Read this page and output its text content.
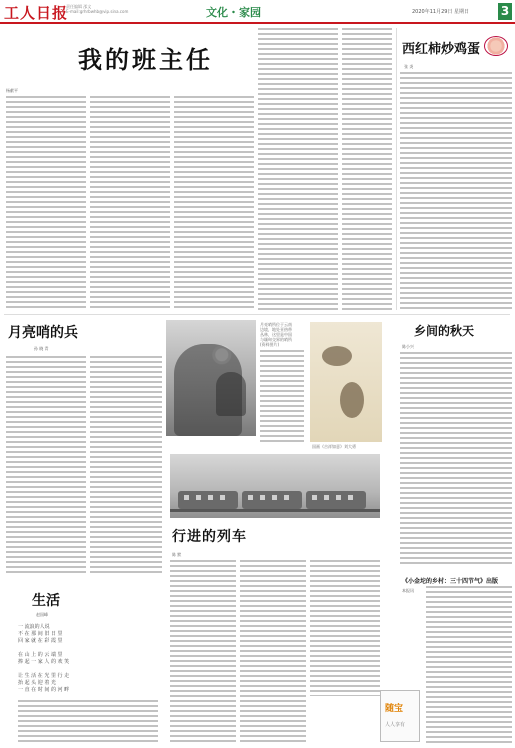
工人日报
责任编辑 邵文
E-mail:grhrbwhb@vip.sina.com	文化・家园	2020年11月29日 星期日	3
我的班主任
杨献平
西红柿炒鸡蛋
张 炎
月亮哨的兵
孙 晓 青
月亮哨所位于云南
边境，地处亚热带
丛林，这里是中国
与缅甸交界的哨所
(资料图片)
国画《吉祥如意》刘大勇
乡间的秋天
陈小兴
行进的列车
陈 默
随宝
人人享有
生活
赵国峰
一 流浪的人说
不 在 那 间 旧 日 里
回 家 就 在 彩 霞 里
在 山 上 的 云 端 里
捧 起 一 家 人 的 欢 笑
让 生 活 在 光 里 行 走
抬 起 头 迎 着 光
一 直 在 时 间 的 河 畔
《小金坨的乡村：三十四节气》出版
本报讯
